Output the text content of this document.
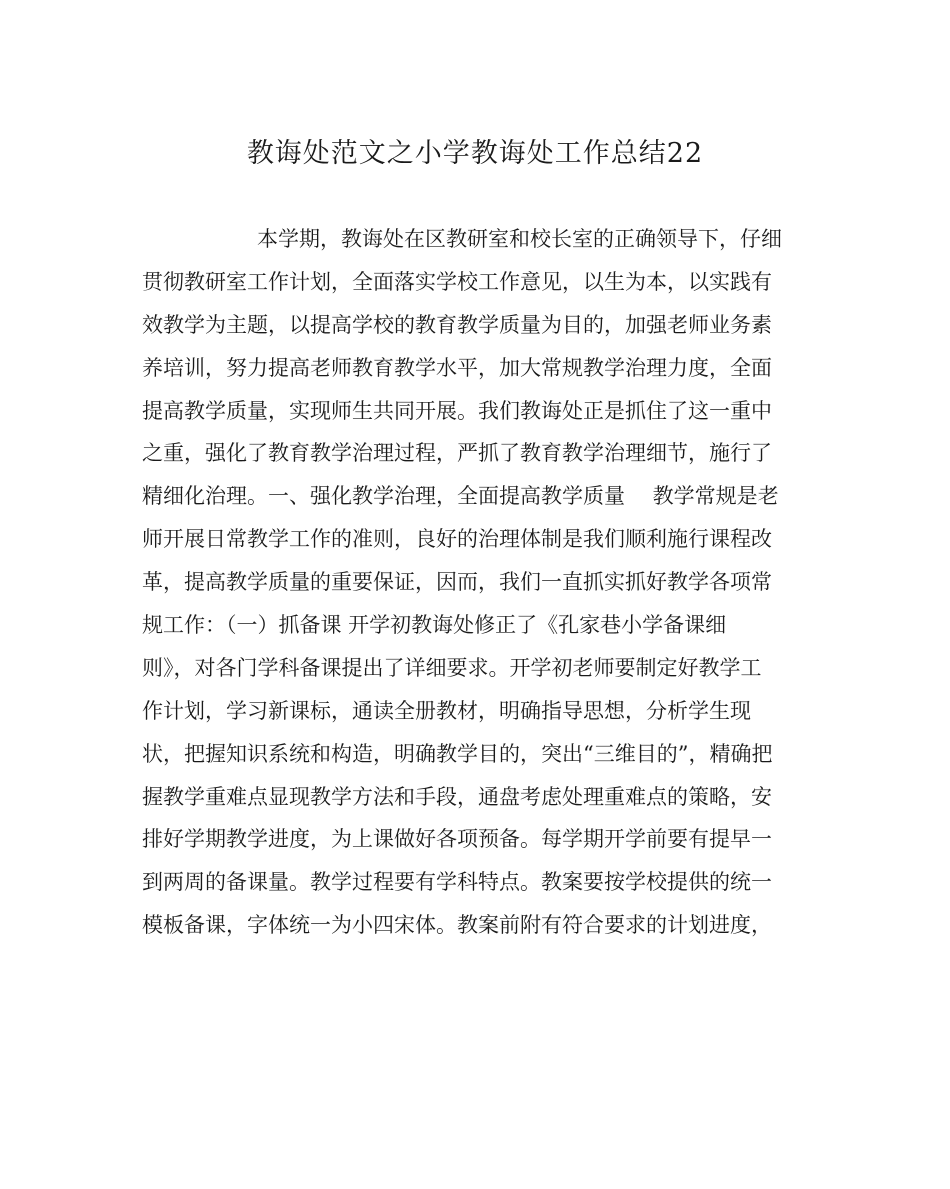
教诲处范文之小学教诲处工作总结22
本学期，教诲处在区教研室和校长室的正确领导下，仔细
贯彻教研室工作计划，全面落实学校工作意见，以生为本，以实践有
效教学为主题，以提高学校的教育教学质量为目的，加强老师业务素
养培训，努力提高老师教育教学水平，加大常规教学治理力度，全面
提高教学质量，实现师生共同开展。我们教诲处正是抓住了这一重中
之重，强化了教育教学治理过程，严抓了教育教学治理细节，施行了
精细化治理。一、强化教学治理，全面提高教学质量　 教学常规是老
师开展日常教学工作的准则，良好的治理体制是我们顺利施行课程改
革，提高教学质量的重要保证，因而，我们一直抓实抓好教学各项常
规工作：（一）抓备课 开学初教诲处修正了《孔家巷小学备课细
则》，对各门学科备课提出了详细要求。开学初老师要制定好教学工
作计划，学习新课标，通读全册教材，明确指导思想，分析学生现
状，把握知识系统和构造，明确教学目的，突出“三维目的”，精确把
握教学重难点显现教学方法和手段，通盘考虑处理重难点的策略，安
排好学期教学进度，为上课做好各项预备。每学期开学前要有提早一
到两周的备课量。教学过程要有学科特点。教案要按学校提供的统一
模板备课，字体统一为小四宋体。教案前附有符合要求的计划进度，
